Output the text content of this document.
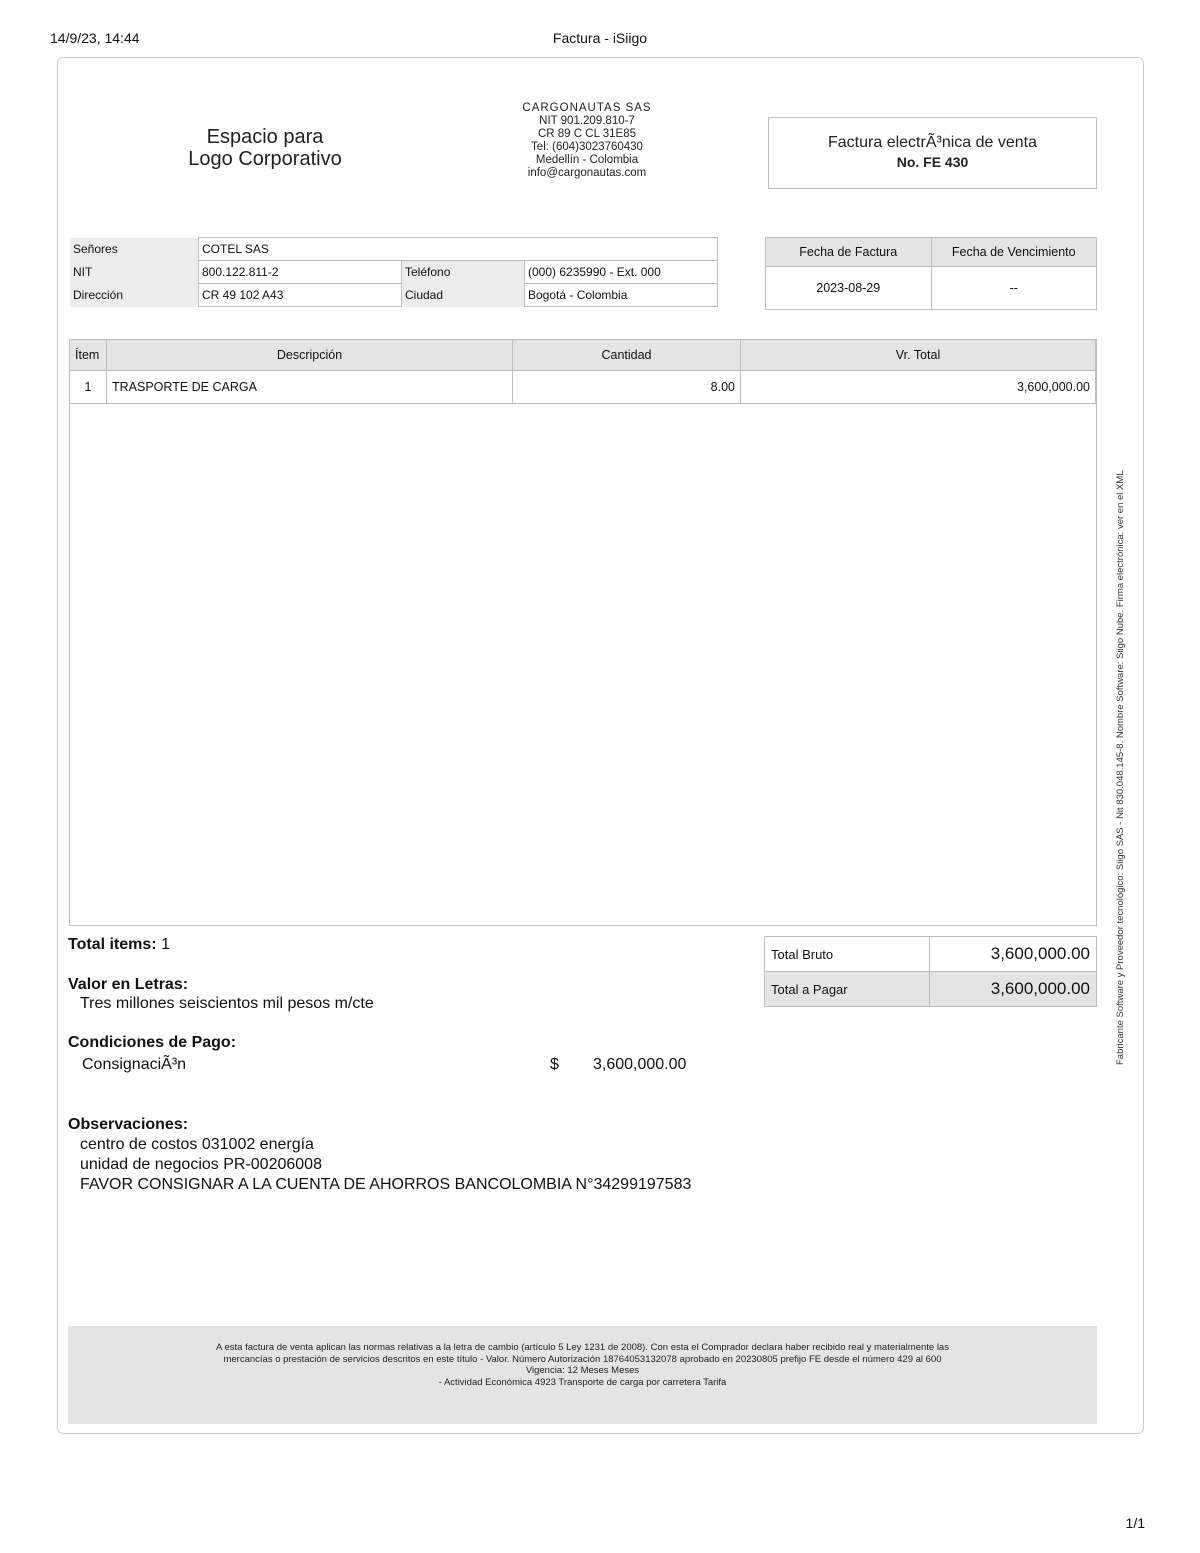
14/9/23, 14:44	Factura - iSiigo
Espacio para
Logo Corporativo
CARGONAUTAS SAS
NIT 901.209.810-7
CR 89 C CL 31E85
Tel: (604)3023760430
Medellín - Colombia
info@cargonautas.com
Factura electrÃ³nica de venta
No. FE 430
Señores	COTEL SAS		
NIT	800.122.811-2	Teléfono	(000) 6235990 - Ext. 000
Dirección	CR 49 102 A43	Ciudad	Bogotá - Colombia
Fecha de Factura	Fecha de Vencimiento
2023-08-29	--
Ítem	Descripción	Cantidad	Vr. Total
1	TRASPORTE DE CARGA	8.00	3,600,000.00
Total items: 1
Valor en Letras:
Tres millones seiscientos mil pesos m/cte
Condiciones de Pago:
ConsignaciÃ³n	$ 3,600,000.00
Observaciones:
centro de costos 031002 energía
unidad de negocios PR-00206008
FAVOR CONSIGNAR A LA CUENTA DE AHORROS BANCOLOMBIA N°34299197583
Total Bruto	3,600,000.00
Total a Pagar	3,600,000.00
A esta factura de venta aplican las normas relativas a la letra de cambio (artículo 5 Ley 1231 de 2008). Con esta el Comprador declara haber recibido real y materialmente las
mercancías o prestación de servicios descritos en este título - Valor. Número Autorización 18764053132078 aprobado en 20230805 prefijo FE desde el número 429 al 600
Vigencia: 12 Meses Meses
- Actividad Económica 4923 Transporte de carga por carretera Tarifa
Fabricante Software y Proveedor tecnológico: Siigo SAS - Nit 830.048.145-8. Nombre Software: Siigo Nube. Firma electrónica: ver en el XML
1/1
